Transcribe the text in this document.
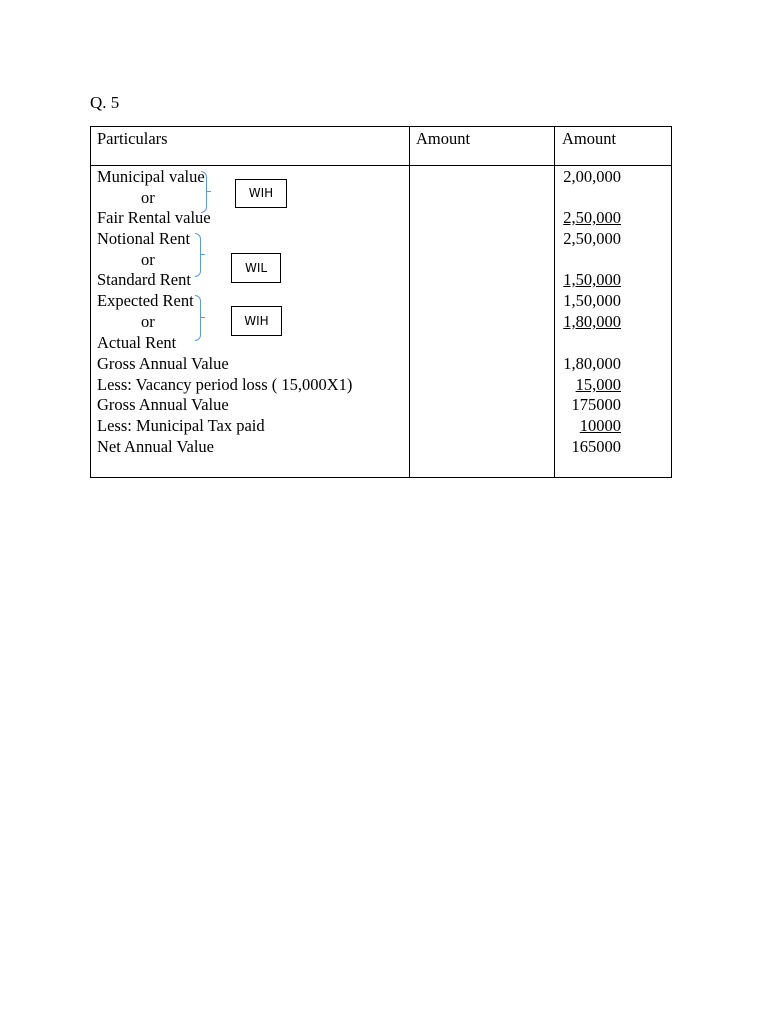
Q. 5
Particulars	Amount	Amount
Municipal value
or
Fair Rental value
Notional Rent
or
Standard Rent
Expected Rent
or
Actual Rent
Gross Annual Value
Less: Vacancy period loss ( 15,000X1)
Gross Annual Value
Less: Municipal Tax paid
Net Annual Value
2,00,000
2,50,000
2,50,000
1,50,000
1,50,000
1,80,000
1,80,000
15,000
175000
10000
165000
WIH
WIL
WIH
